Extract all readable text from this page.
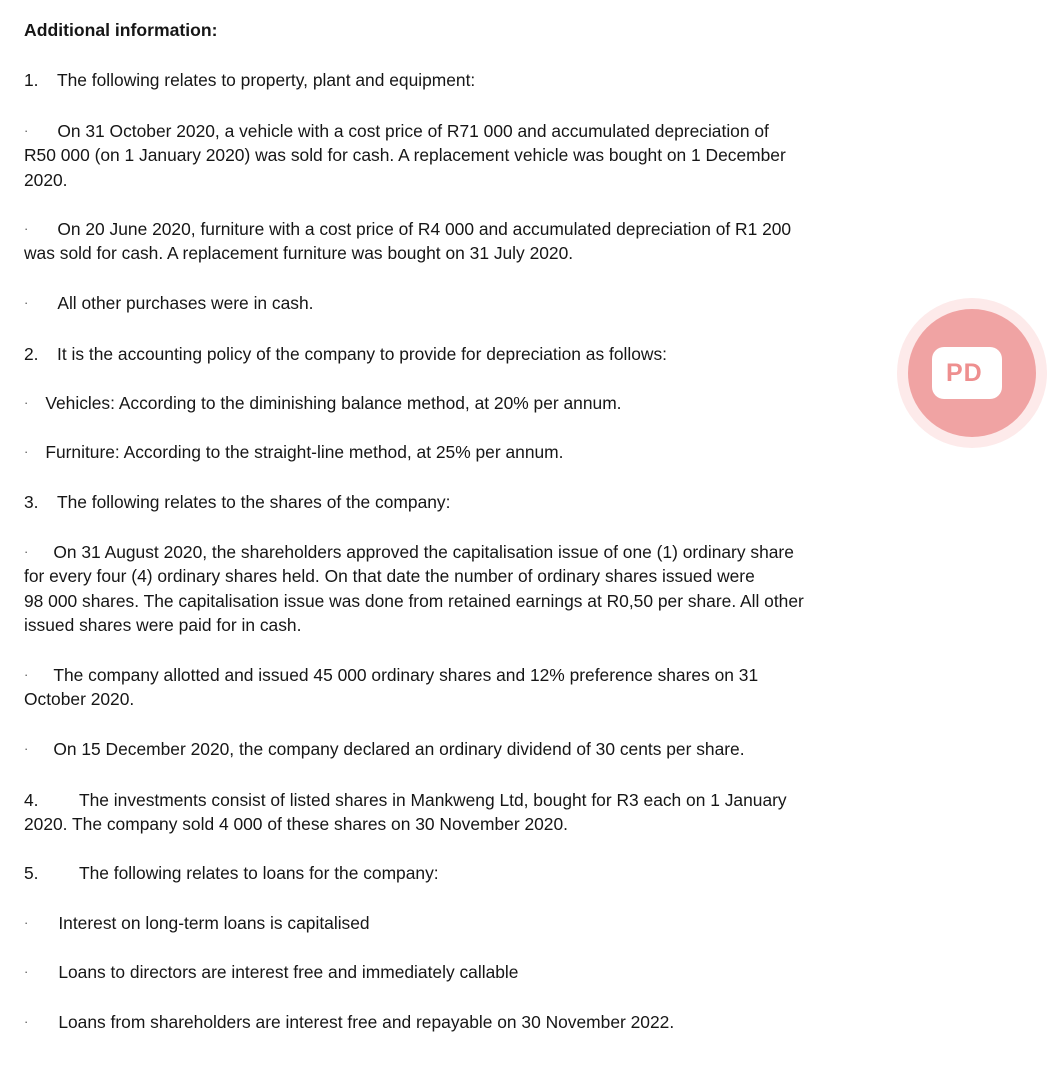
Additional information:
1. The following relates to property, plant and equipment:
· On 31 October 2020, a vehicle with a cost price of R71 000 and accumulated depreciation of
R50 000 (on 1 January 2020) was sold for cash. A replacement vehicle was bought on 1 December
2020.
· On 20 June 2020, furniture with a cost price of R4 000 and accumulated depreciation of R1 200
was sold for cash. A replacement furniture was bought on 31 July 2020.
· All other purchases were in cash.
2. It is the accounting policy of the company to provide for depreciation as follows:
· Vehicles: According to the diminishing balance method, at 20% per annum.
· Furniture: According to the straight-line method, at 25% per annum.
3. The following relates to the shares of the company:
· On 31 August 2020, the shareholders approved the capitalisation issue of one (1) ordinary share
for every four (4) ordinary shares held. On that date the number of ordinary shares issued were
98 000 shares. The capitalisation issue was done from retained earnings at R0,50 per share. All other
issued shares were paid for in cash.
· The company allotted and issued 45 000 ordinary shares and 12% preference shares on 31
October 2020.
· On 15 December 2020, the company declared an ordinary dividend of 30 cents per share.
4. The investments consist of listed shares in Mankweng Ltd, bought for R3 each on 1 January
2020. The company sold 4 000 of these shares on 30 November 2020.
5. The following relates to loans for the company:
· Interest on long-term loans is capitalised
· Loans to directors are interest free and immediately callable
· Loans from shareholders are interest free and repayable on 30 November 2022.
PD
